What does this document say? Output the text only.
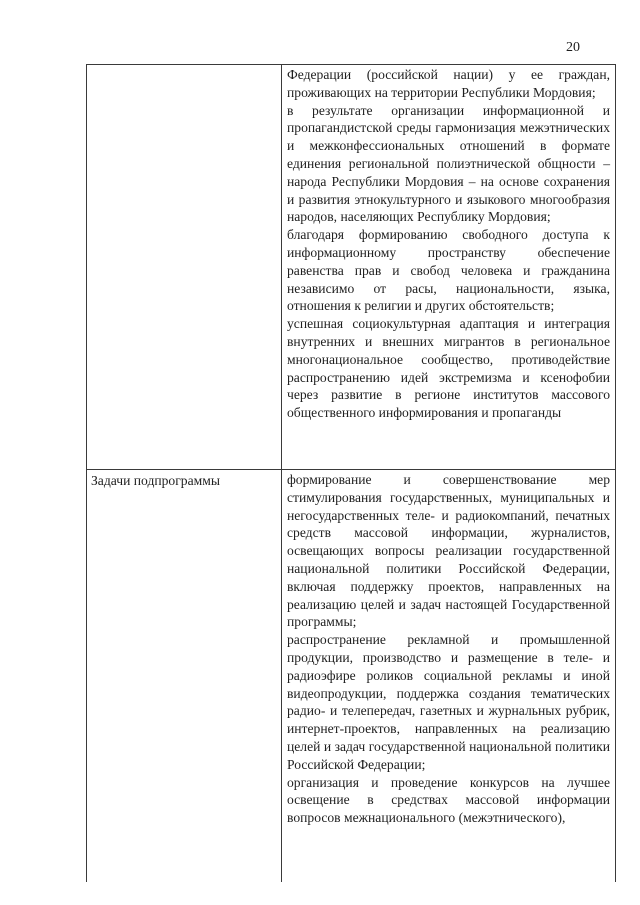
20

	Федерации (российской нации) у ее граждан, проживающих на территории Республики Мордовия;

в результате организации информационной и пропагандистской среды гармонизация межэтнических и межконфессиональных отношений в формате единения региональной полиэтнической общности – народа Республики Мордовия – на основе сохранения и развития этнокультурного и языкового многообразия народов, населяющих Республику Мордовия;

благодаря формированию свободного доступа к информационному пространству обеспечение равенства прав и свобод человека и гражданина независимо от расы, национальности, языка, отношения к религии и других обстоятельств;

успешная социокультурная адаптация и интеграция внутренних и внешних мигрантов в региональное многонациональное сообщество, противодействие распространению идей экстремизма и ксенофобии через развитие в регионе институтов массового общественного информирования и пропаганды

Задачи подпрограммы	формирование и совершенствование мер стимулирования государственных, муниципальных и негосударственных теле- и радиокомпаний, печатных средств массовой информации, журналистов, освещающих вопросы реализации государственной национальной политики Российской Федерации, включая поддержку проектов, направленных на реализацию целей и задач настоящей Государственной программы;

распространение рекламной и промышленной продукции, производство и размещение в теле- и радиоэфире роликов социальной рекламы и иной видеопродукции, поддержка создания тематических радио- и телепередач, газетных и журнальных рубрик, интернет-проектов, направленных на реализацию целей и задач государственной национальной политики Российской Федерации;

организация и проведение конкурсов на лучшее освещение в средствах массовой информации вопросов межнационального (межэтнического),
